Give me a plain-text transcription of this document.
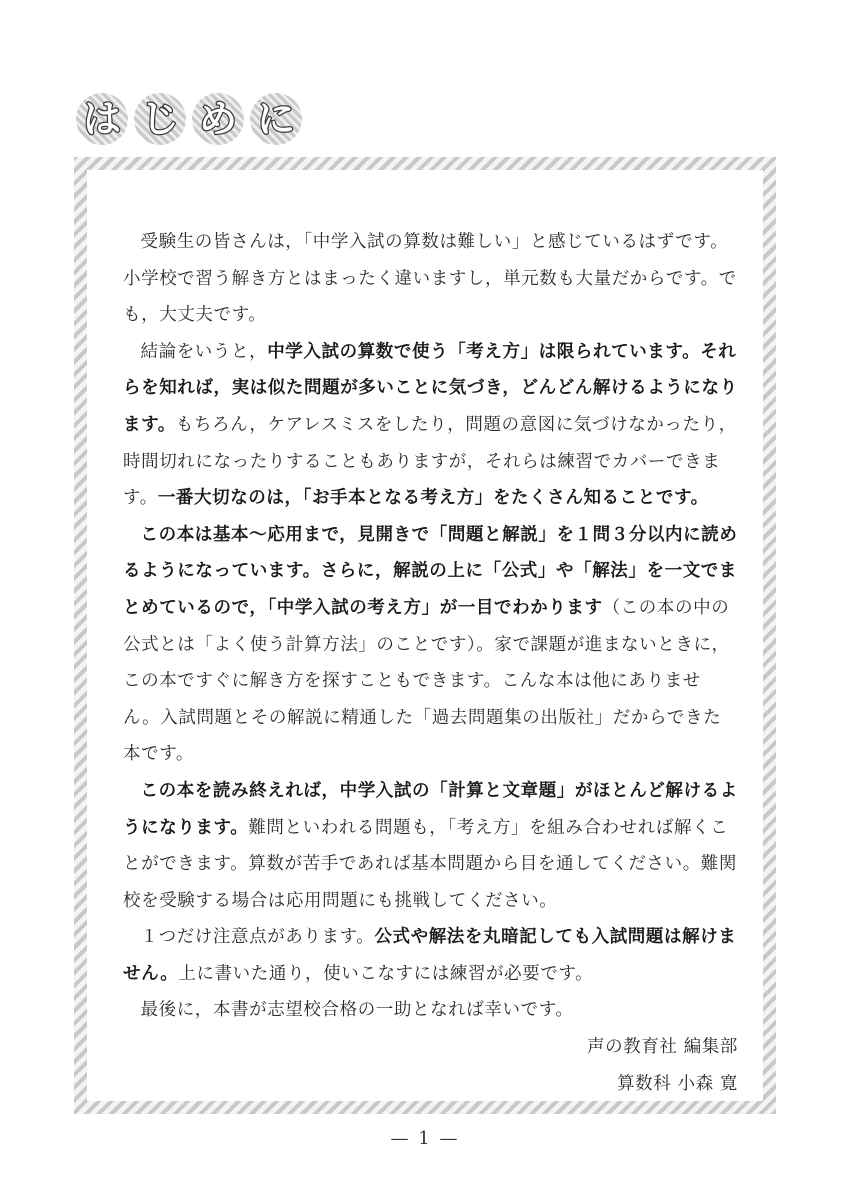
は じ め に

受験生の皆さんは，「中学入試の算数は難しい」と感じているはずです。小学校で習う解き方とはまったく違いますし，単元数も大量だからです。でも，大丈夫です。

結論をいうと，中学入試の算数で使う「考え方」は限られています。それらを知れば，実は似た問題が多いことに気づき，どんどん解けるようになります。もちろん，ケアレスミスをしたり，問題の意図に気づけなかったり，時間切れになったりすることもありますが，それらは練習でカバーできます。一番大切なのは，「お手本となる考え方」をたくさん知ることです。

この本は基本～応用まで，見開きで「問題と解説」を１問３分以内に読めるようになっています。さらに，解説の上に「公式」や「解法」を一文でまとめているので，「中学入試の考え方」が一目でわかります（この本の中の公式とは「よく使う計算方法」のことです）。家で課題が進まないときに，この本ですぐに解き方を探すこともできます。こんな本は他にありません。入試問題とその解説に精通した「過去問題集の出版社」だからできた本です。

この本を読み終えれば，中学入試の「計算と文章題」がほとんど解けるようになります。難問といわれる問題も，「考え方」を組み合わせれば解くことができます。算数が苦手であれば基本問題から目を通してください。難関校を受験する場合は応用問題にも挑戦してください。

１つだけ注意点があります。公式や解法を丸暗記しても入試問題は解けません。上に書いた通り，使いこなすには練習が必要です。

最後に，本書が志望校合格の一助となれば幸いです。

声の教育社 編集部

算数科 小森 寛

— 1 —
